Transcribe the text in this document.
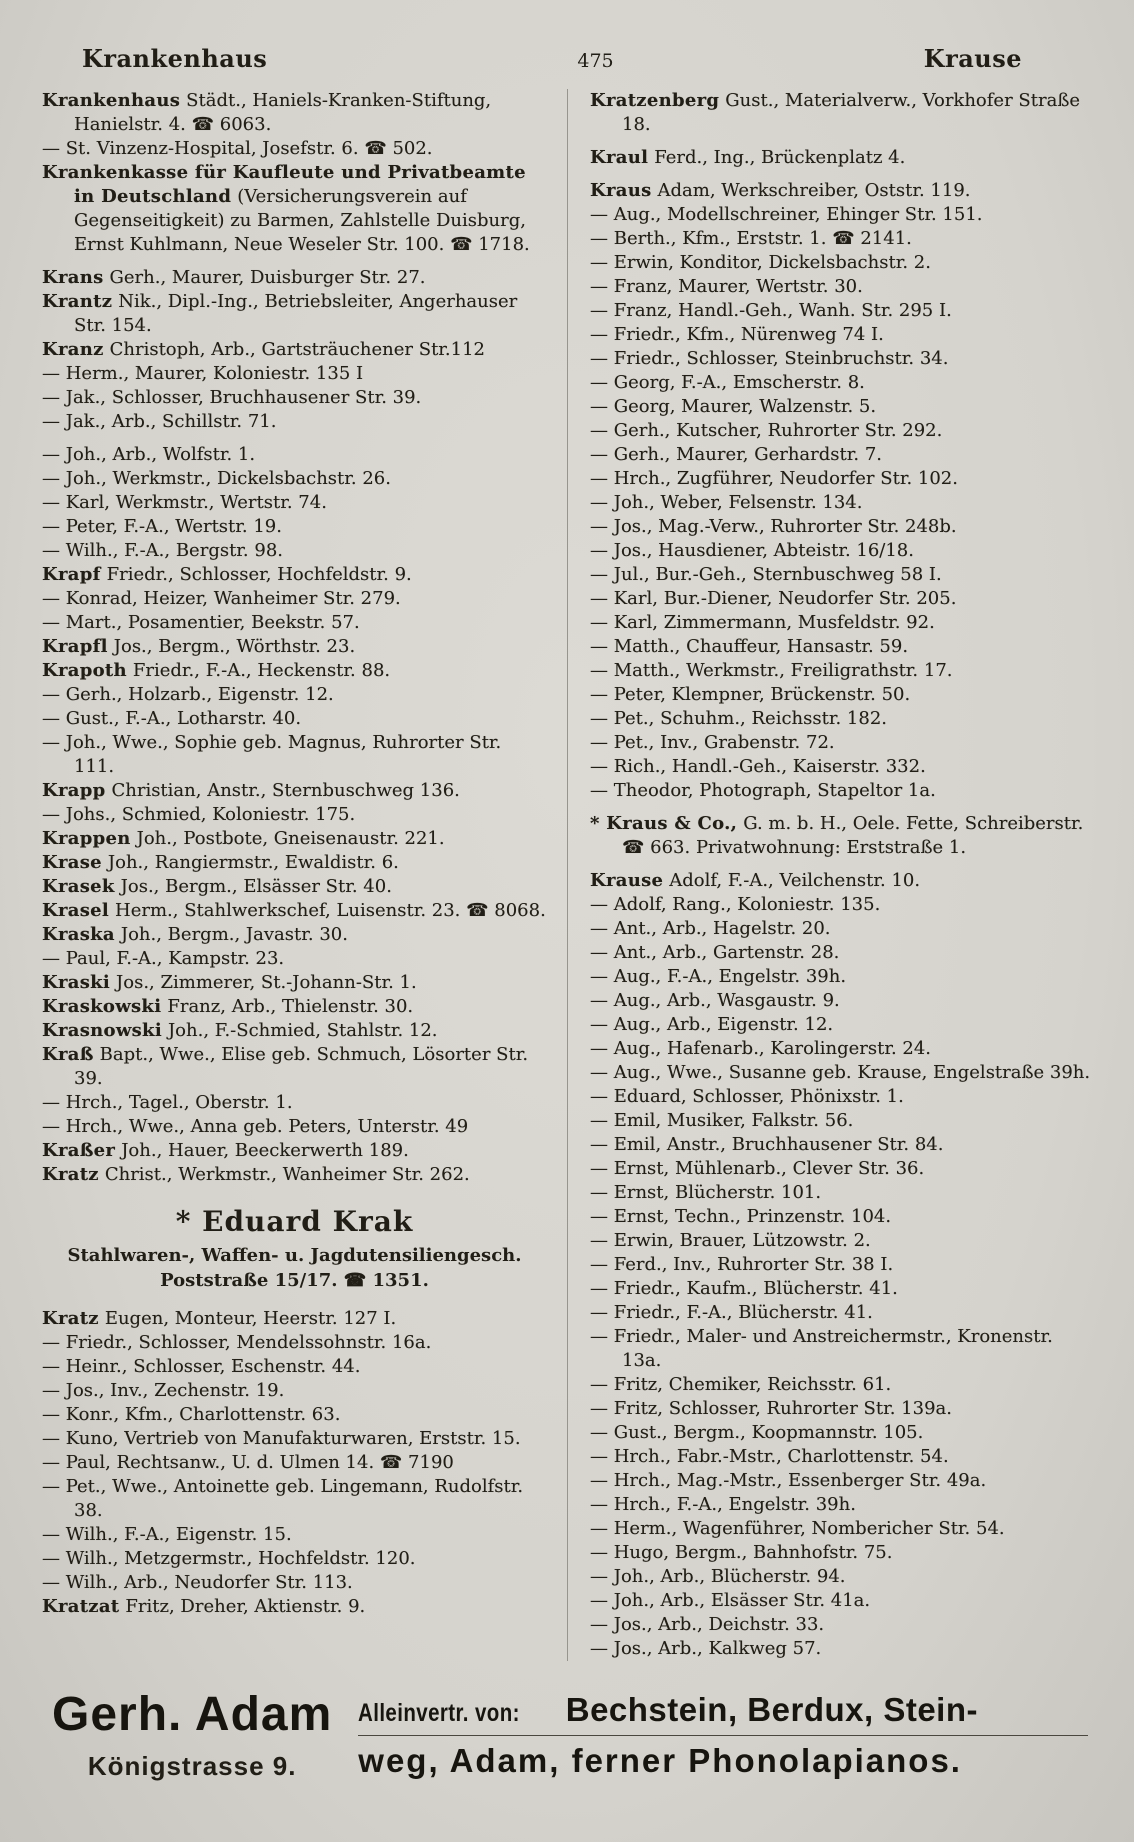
Krankenhaus	475	Krause

Krankenhaus Städt., Haniels-Kranken-Stiftung, Hanielstr. 4. ☎ 6063.

— St. Vinzenz-Hospital, Josefstr. 6. ☎ 502.

Krankenkasse für Kaufleute und Privatbeamte in Deutschland (Versicherungsverein auf Gegenseitigkeit) zu Barmen, Zahlstelle Duisburg, Ernst Kuhlmann, Neue Weseler Str. 100. ☎ 1718.

Krans Gerh., Maurer, Duisburger Str. 27.

Krantz Nik., Dipl.-Ing., Betriebsleiter, Angerhauser Str. 154.

Kranz Christoph, Arb., Gartsträuchener Str.112

— Herm., Maurer, Koloniestr. 135 I

— Jak., Schlosser, Bruchhausener Str. 39.

— Jak., Arb., Schillstr. 71.

— Joh., Arb., Wolfstr. 1.

— Joh., Werkmstr., Dickelsbachstr. 26.

— Karl, Werkmstr., Wertstr. 74.

— Peter, F.-A., Wertstr. 19.

— Wilh., F.-A., Bergstr. 98.

Krapf Friedr., Schlosser, Hochfeldstr. 9.

— Konrad, Heizer, Wanheimer Str. 279.

— Mart., Posamentier, Beekstr. 57.

Krapfl Jos., Bergm., Wörthstr. 23.

Krapoth Friedr., F.-A., Heckenstr. 88.

— Gerh., Holzarb., Eigenstr. 12.

— Gust., F.-A., Lotharstr. 40.

— Joh., Wwe., Sophie geb. Magnus, Ruhrorter Str. 111.

Krapp Christian, Anstr., Sternbuschweg 136.

— Johs., Schmied, Koloniestr. 175.

Krappen Joh., Postbote, Gneisenaustr. 221.

Krase Joh., Rangiermstr., Ewaldistr. 6.

Krasek Jos., Bergm., Elsässer Str. 40.

Krasel Herm., Stahlwerkschef, Luisenstr. 23. ☎ 8068.

Kraska Joh., Bergm., Javastr. 30.

— Paul, F.-A., Kampstr. 23.

Kraski Jos., Zimmerer, St.-Johann-Str. 1.

Kraskowski Franz, Arb., Thielenstr. 30.

Krasnowski Joh., F.-Schmied, Stahlstr. 12.

Kraß Bapt., Wwe., Elise geb. Schmuch, Lösorter Str. 39.

— Hrch., Tagel., Oberstr. 1.

— Hrch., Wwe., Anna geb. Peters, Unterstr. 49

Kraßer Joh., Hauer, Beeckerwerth 189.

Kratz Christ., Werkmstr., Wanheimer Str. 262.

* Eduard Krak
Stahlwaren-, Waffen- u. Jagdutensiliengesch.
Poststraße 15/17. ☎ 1351.

Kratz Eugen, Monteur, Heerstr. 127 I.

— Friedr., Schlosser, Mendelssohnstr. 16a.

— Heinr., Schlosser, Eschenstr. 44.

— Jos., Inv., Zechenstr. 19.

— Konr., Kfm., Charlottenstr. 63.

— Kuno, Vertrieb von Manufakturwaren, Erststr. 15.

— Paul, Rechtsanw., U. d. Ulmen 14. ☎ 7190

— Pet., Wwe., Antoinette geb. Lingemann, Rudolfstr. 38.

— Wilh., F.-A., Eigenstr. 15.

— Wilh., Metzgermstr., Hochfeldstr. 120.

— Wilh., Arb., Neudorfer Str. 113.

Kratzat Fritz, Dreher, Aktienstr. 9.

Kratzenberg Gust., Materialverw., Vorkhofer Straße 18.

Kraul Ferd., Ing., Brückenplatz 4.

Kraus Adam, Werkschreiber, Oststr. 119.

— Aug., Modellschreiner, Ehinger Str. 151.

— Berth., Kfm., Erststr. 1. ☎ 2141.

— Erwin, Konditor, Dickelsbachstr. 2.

— Franz, Maurer, Wertstr. 30.

— Franz, Handl.-Geh., Wanh. Str. 295 I.

— Friedr., Kfm., Nürenweg 74 I.

— Friedr., Schlosser, Steinbruchstr. 34.

— Georg, F.-A., Emscherstr. 8.

— Georg, Maurer, Walzenstr. 5.

— Gerh., Kutscher, Ruhrorter Str. 292.

— Gerh., Maurer, Gerhardstr. 7.

— Hrch., Zugführer, Neudorfer Str. 102.

— Joh., Weber, Felsenstr. 134.

— Jos., Mag.-Verw., Ruhrorter Str. 248b.

— Jos., Hausdiener, Abteistr. 16/18.

— Jul., Bur.-Geh., Sternbuschweg 58 I.

— Karl, Bur.-Diener, Neudorfer Str. 205.

— Karl, Zimmermann, Musfeldstr. 92.

— Matth., Chauffeur, Hansastr. 59.

— Matth., Werkmstr., Freiligrathstr. 17.

— Peter, Klempner, Brückenstr. 50.

— Pet., Schuhm., Reichsstr. 182.

— Pet., Inv., Grabenstr. 72.

— Rich., Handl.-Geh., Kaiserstr. 332.

— Theodor, Photograph, Stapeltor 1a.

* Kraus & Co., G. m. b. H., Oele. Fette, Schreiberstr. ☎ 663. Privatwohnung: Erststraße 1.

Krause Adolf, F.-A., Veilchenstr. 10.

— Adolf, Rang., Koloniestr. 135.

— Ant., Arb., Hagelstr. 20.

— Ant., Arb., Gartenstr. 28.

— Aug., F.-A., Engelstr. 39h.

— Aug., Arb., Wasgaustr. 9.

— Aug., Arb., Eigenstr. 12.

— Aug., Hafenarb., Karolingerstr. 24.

— Aug., Wwe., Susanne geb. Krause, Engelstraße 39h.

— Eduard, Schlosser, Phönixstr. 1.

— Emil, Musiker, Falkstr. 56.

— Emil, Anstr., Bruchhausener Str. 84.

— Ernst, Mühlenarb., Clever Str. 36.

— Ernst, Blücherstr. 101.

— Ernst, Techn., Prinzenstr. 104.

— Erwin, Brauer, Lützowstr. 2.

— Ferd., Inv., Ruhrorter Str. 38 I.

— Friedr., Kaufm., Blücherstr. 41.

— Friedr., F.-A., Blücherstr. 41.

— Friedr., Maler- und Anstreichermstr., Kronenstr. 13a.

— Fritz, Chemiker, Reichsstr. 61.

— Fritz, Schlosser, Ruhrorter Str. 139a.

— Gust., Bergm., Koopmannstr. 105.

— Hrch., Fabr.-Mstr., Charlottenstr. 54.

— Hrch., Mag.-Mstr., Essenberger Str. 49a.

— Hrch., F.-A., Engelstr. 39h.

— Herm., Wagenführer, Nombericher Str. 54.

— Hugo, Bergm., Bahnhofstr. 75.

— Joh., Arb., Blücherstr. 94.

— Joh., Arb., Elsässer Str. 41a.

— Jos., Arb., Deichstr. 33.

— Jos., Arb., Kalkweg 57.

Gerh. Adam
Königstrasse 9.
Alleinvertr. von: Bechstein, Berdux, Stein-
weg, Adam, ferner Phonolapianos.
